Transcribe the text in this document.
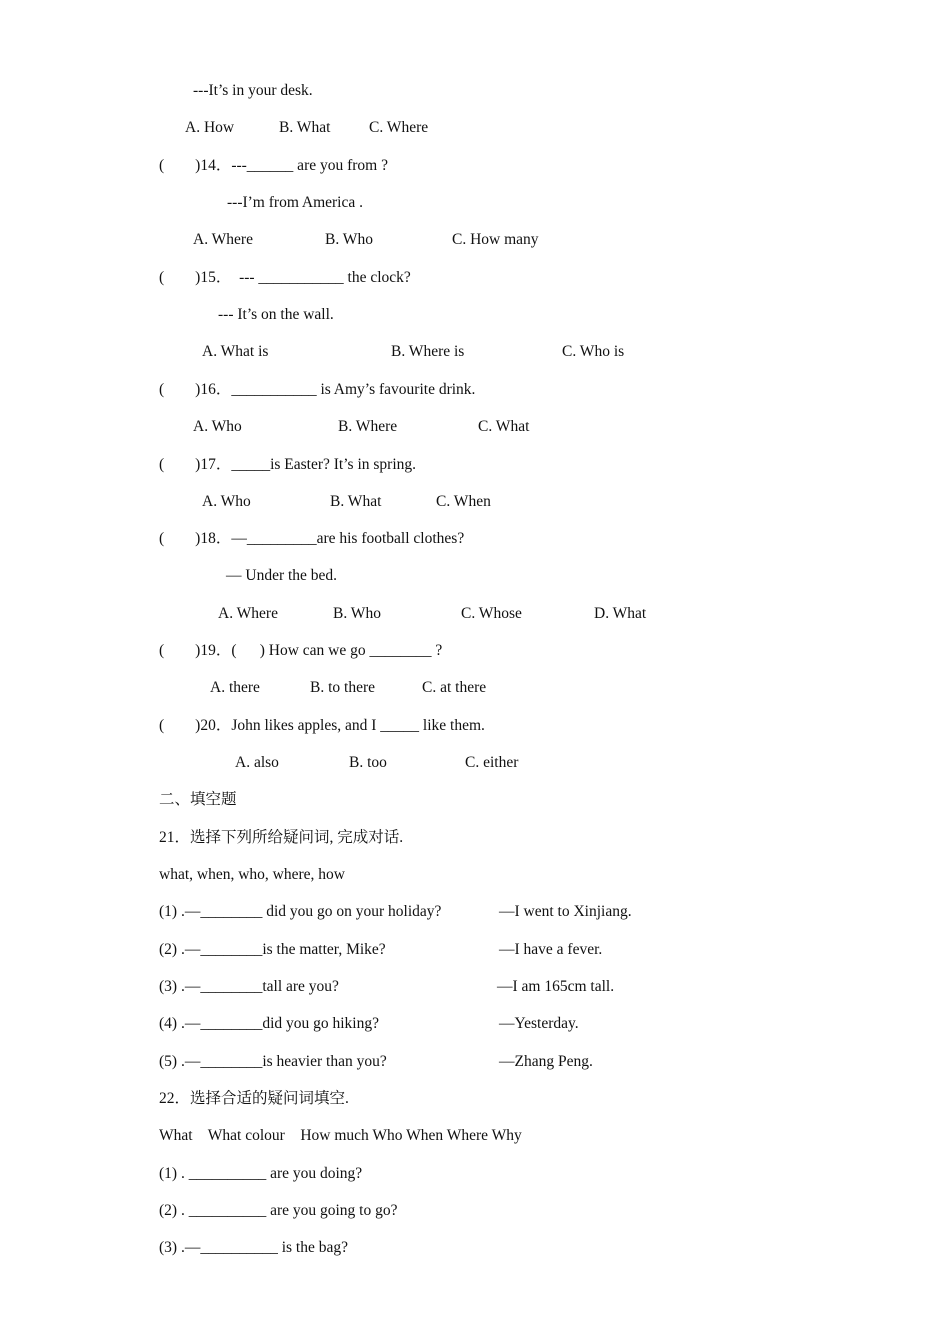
---It’s in your desk.
A. How	B. What C. Where
(        )14．---______ are you from ?
---I’m from America .
A. Where	B. Who	C. How many
(        )15．  --- ___________ the clock?
--- It’s on the wall.
A. What is	B. Where is	C. Who is
(        )16．___________ is Amy’s favourite drink.
A. Who	B. Where	C. What
(        )17．_____is Easter? It’s in spring.
A. Who	B. What	C. When
(        )18．—_________are his football clothes?
— Under the bed.
A. Where	B. Who	C. Whose	D. What
(        )19．(      ) How can we go ________ ?
A. there	B. to there	C. at there
(        )20．John likes apples, and I _____ like them.
A. also	B. too	C. either
二、填空题
21．选择下列所给疑问词, 完成对话.
what, when, who, where, how
(1) .—________ did you go on your holiday?	—I went to Xinjiang.
(2) .—________is the matter, Mike?	—I have a fever.
(3) .—________tall are you?	—I am 165cm tall.
(4) .—________did you go hiking?	—Yesterday.
(5) .—________is heavier than you?	—Zhang Peng.
22．选择合适的疑问词填空.
What    What colour    How much Who When Where Why
(1) . __________ are you doing?
(2) . __________ are you going to go?
(3) .—__________ is the bag?
